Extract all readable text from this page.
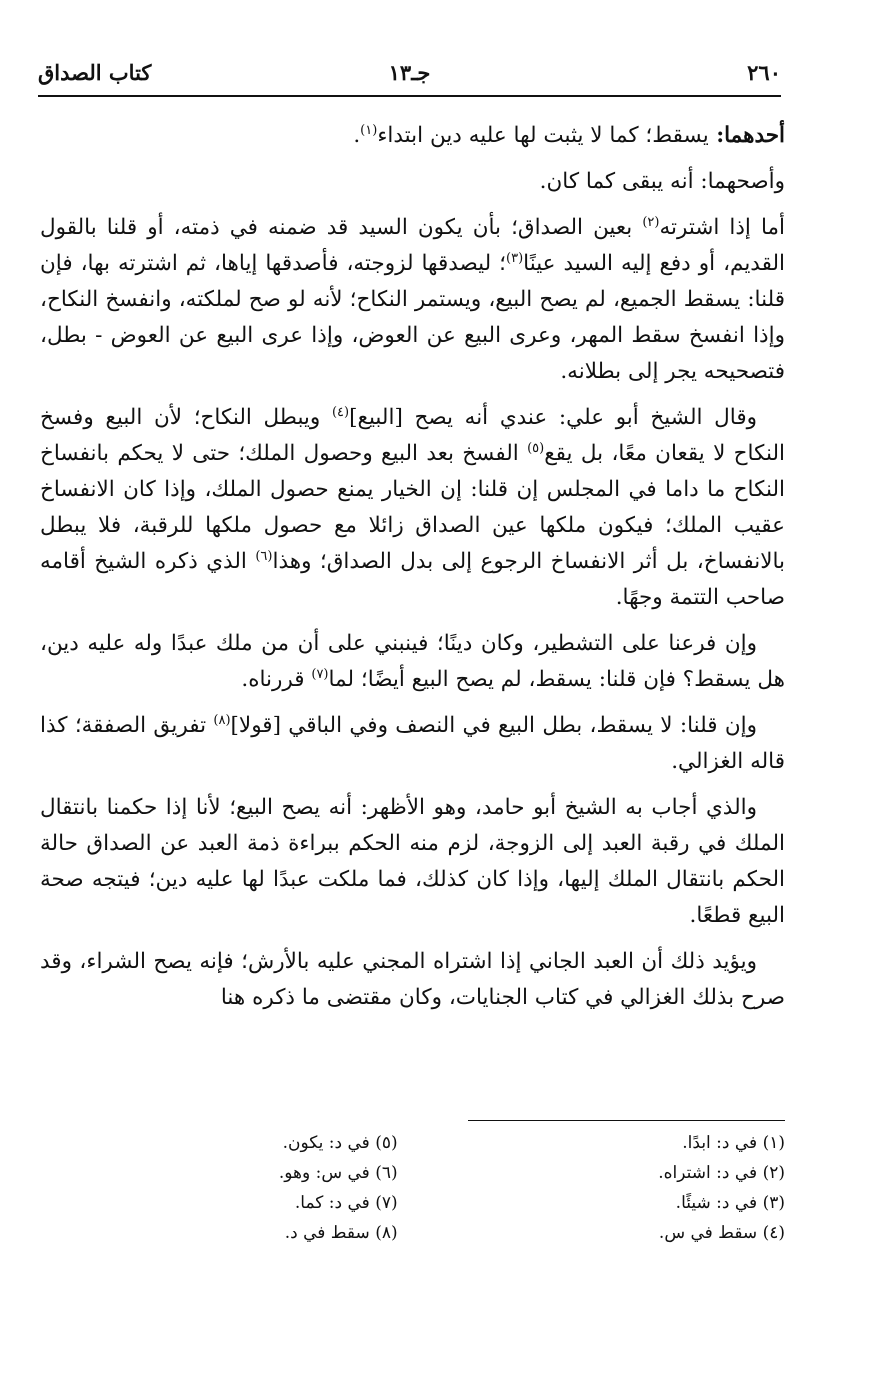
٢٦٠
جـ١٣
كتاب الصداق

أحدهما: يسقط؛ كما لا يثبت لها عليه دين ابتداء$^{(١)}$.

وأصحهما: أنه يبقى كما كان.

أما إذا اشترته$^{(٢)}$ بعين الصداق؛ بأن يكون السيد قد ضمنه في ذمته، أو قلنا بالقول القديم، أو دفع إليه السيد عينًا$^{(٣)}$؛ ليصدقها لزوجته، فأصدقها إياها، ثم اشترته بها، فإن قلنا: يسقط الجميع، لم يصح البيع، ويستمر النكاح؛ لأنه لو صح لملكته، وانفسخ النكاح، وإذا انفسخ سقط المهر، وعرى البيع عن العوض، وإذا عرى البيع عن العوض - بطل، فتصحيحه يجر إلى بطلانه.

وقال الشيخ أبو علي: عندي أنه يصح [البيع]$^{(٤)}$ ويبطل النكاح؛ لأن البيع وفسخ النكاح لا يقعان معًا، بل يقع$^{(٥)}$ الفسخ بعد البيع وحصول الملك؛ حتى لا يحكم بانفساخ النكاح ما داما في المجلس إن قلنا: إن الخيار يمنع حصول الملك، وإذا كان الانفساخ عقيب الملك؛ فيكون ملكها عين الصداق زائلا مع حصول ملكها للرقبة، فلا يبطل بالانفساخ، بل أثر الانفساخ الرجوع إلى بدل الصداق؛ وهذا$^{(٦)}$ الذي ذكره الشيخ أقامه صاحب التتمة وجهًا.

وإن فرعنا على التشطير، وكان دينًا؛ فينبني على أن من ملك عبدًا وله عليه دين، هل يسقط؟ فإن قلنا: يسقط، لم يصح البيع أيضًا؛ لما$^{(٧)}$ قررناه.

وإن قلنا: لا يسقط، بطل البيع في النصف وفي الباقي [قولا]$^{(٨)}$ تفريق الصفقة؛ كذا قاله الغزالي.

والذي أجاب به الشيخ أبو حامد، وهو الأظهر: أنه يصح البيع؛ لأنا إذا حكمنا بانتقال الملك في رقبة العبد إلى الزوجة، لزم منه الحكم ببراءة ذمة العبد عن الصداق حالة الحكم بانتقال الملك إليها، وإذا كان كذلك، فما ملكت عبدًا لها عليه دين؛ فيتجه صحة البيع قطعًا.

ويؤيد ذلك أن العبد الجاني إذا اشتراه المجني عليه بالأرش؛ فإنه يصح الشراء، وقد صرح بذلك الغزالي في كتاب الجنايات، وكان مقتضى ما ذكره هنا

(١) في د: ابدًا.
(٢) في د: اشتراه.
(٣) في د: شيئًا.
(٤) سقط في س.
(٥) في د: يكون.
(٦) في س: وهو.
(٧) في د: كما.
(٨) سقط في د.
